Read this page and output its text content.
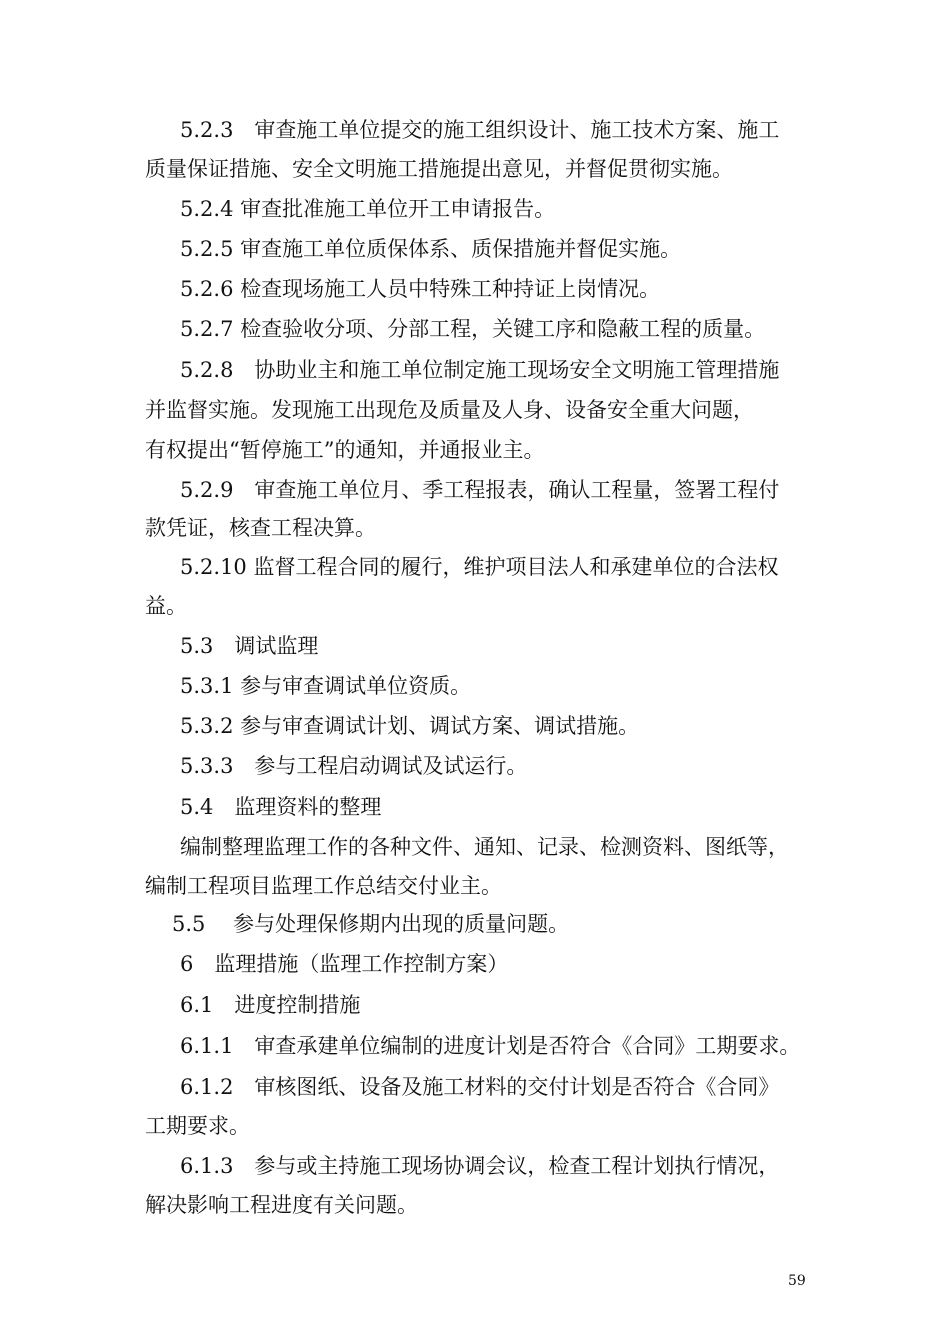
5.2.3　审查施工单位提交的施工组织设计、施工技术方案、施工
质量保证措施、安全文明施工措施提出意见，并督促贯彻实施。
5.2.4 审查批准施工单位开工申请报告。
5.2.5 审查施工单位质保体系、质保措施并督促实施。
5.2.6 检查现场施工人员中特殊工种持证上岗情况。
5.2.7 检查验收分项、分部工程，关键工序和隐蔽工程的质量。
5.2.8　协助业主和施工单位制定施工现场安全文明施工管理措施
并监督实施。发现施工出现危及质量及人身、设备安全重大问题，
有权提出“暂停施工”的通知，并通报业主。
5.2.9　审查施工单位月、季工程报表，确认工程量，签署工程付
款凭证，核查工程决算。
5.2.10 监督工程合同的履行，维护项目法人和承建单位的合法权
益。
5.3　调试监理
5.3.1 参与审查调试单位资质。
5.3.2 参与审查调试计划、调试方案、调试措施。
5.3.3　参与工程启动调试及试运行。
5.4　监理资料的整理
编制整理监理工作的各种文件、通知、记录、检测资料、图纸等，
编制工程项目监理工作总结交付业主。
5.5　 参与处理保修期内出现的质量问题。
6　监理措施（监理工作控制方案）
6.1　进度控制措施
6.1.1　审查承建单位编制的进度计划是否符合《合同》工期要求。
6.1.2　审核图纸、设备及施工材料的交付计划是否符合《合同》
工期要求。
6.1.3　参与或主持施工现场协调会议，检查工程计划执行情况，
解决影响工程进度有关问题。
59
